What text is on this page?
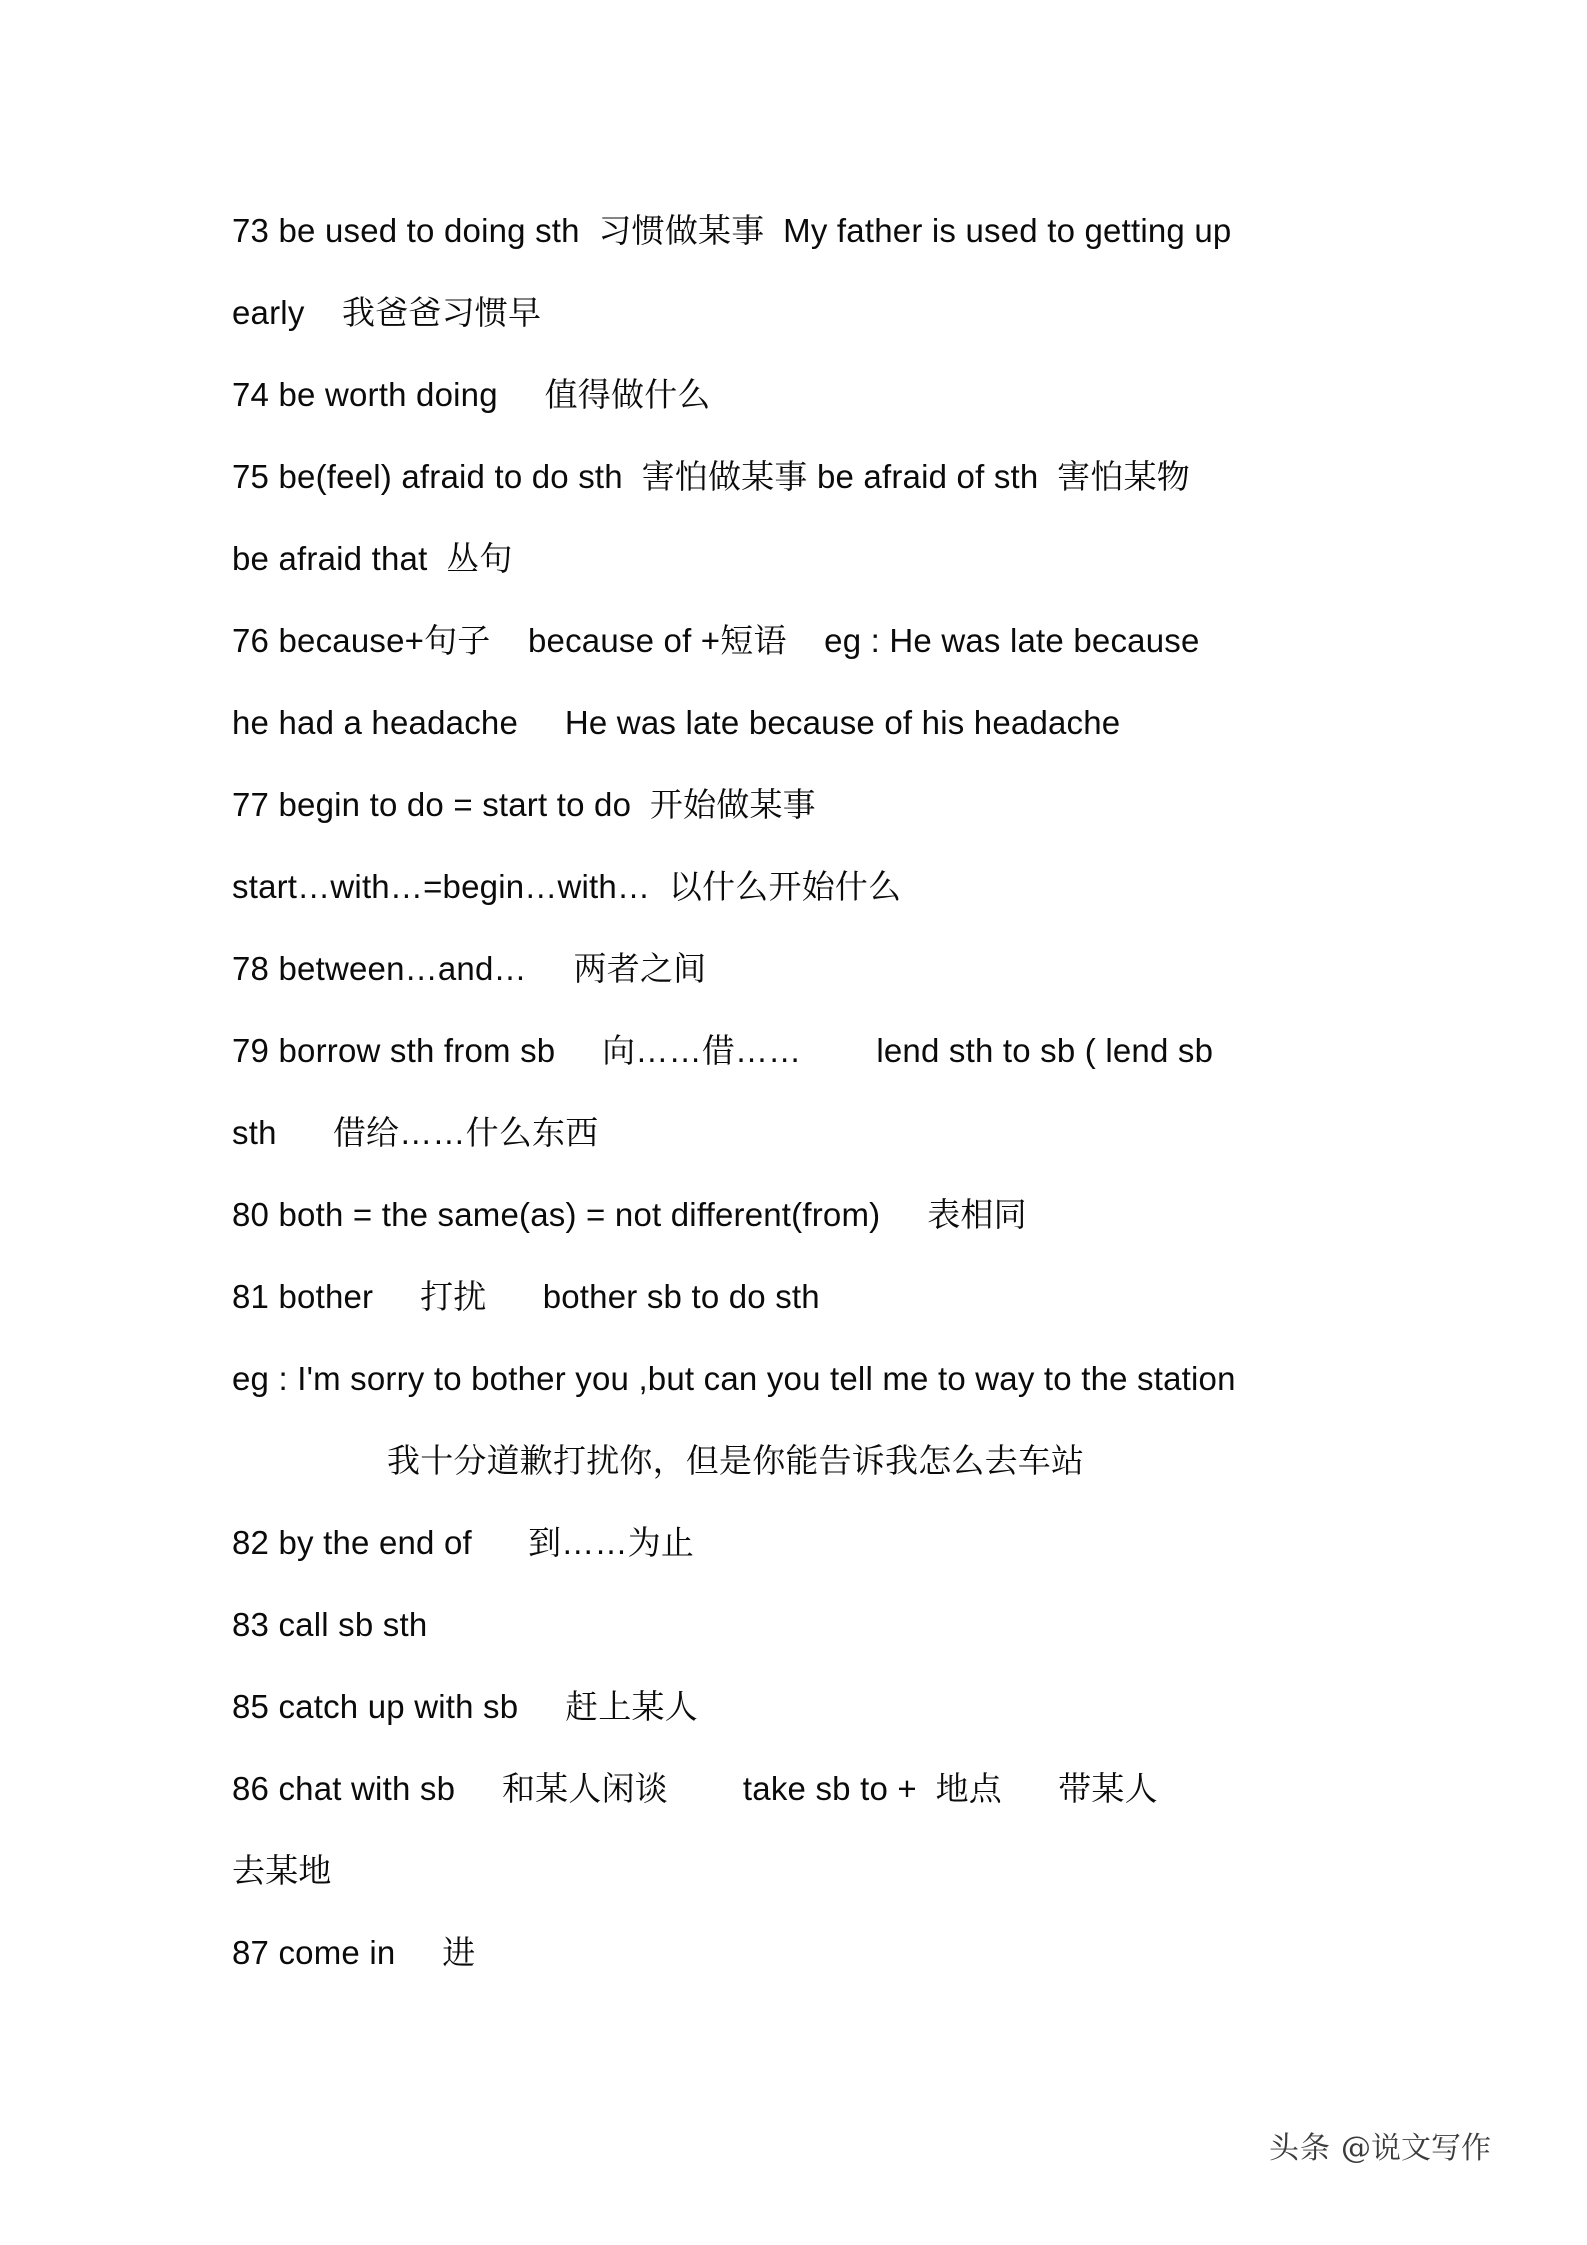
73 be used to doing sth  习惯做某事  My father is used to getting up
early    我爸爸习惯早
74 be worth doing     值得做什么
75 be(feel) afraid to do sth  害怕做某事 be afraid of sth  害怕某物
be afraid that  丛句
76 because+句子    because of +短语    eg : He was late because
he had a headache     He was late because of his headache
77 begin to do = start to do  开始做某事
start…with…=begin…with…  以什么开始什么
78 between…and…     两者之间
79 borrow sth from sb     向……借……        lend sth to sb ( lend sb
sth      借给……什么东西
80 both = the same(as) = not different(from)     表相同
81 bother     打扰      bother sb to do sth
eg : I'm sorry to bother you ,but can you tell me to way to the station
我十分道歉打扰你，但是你能告诉我怎么去车站
82 by the end of      到……为止
83 call sb sth
85 catch up with sb     赶上某人
86 chat with sb     和某人闲谈        take sb to +  地点      带某人
去某地
87 come in     进
头条 @说文写作
